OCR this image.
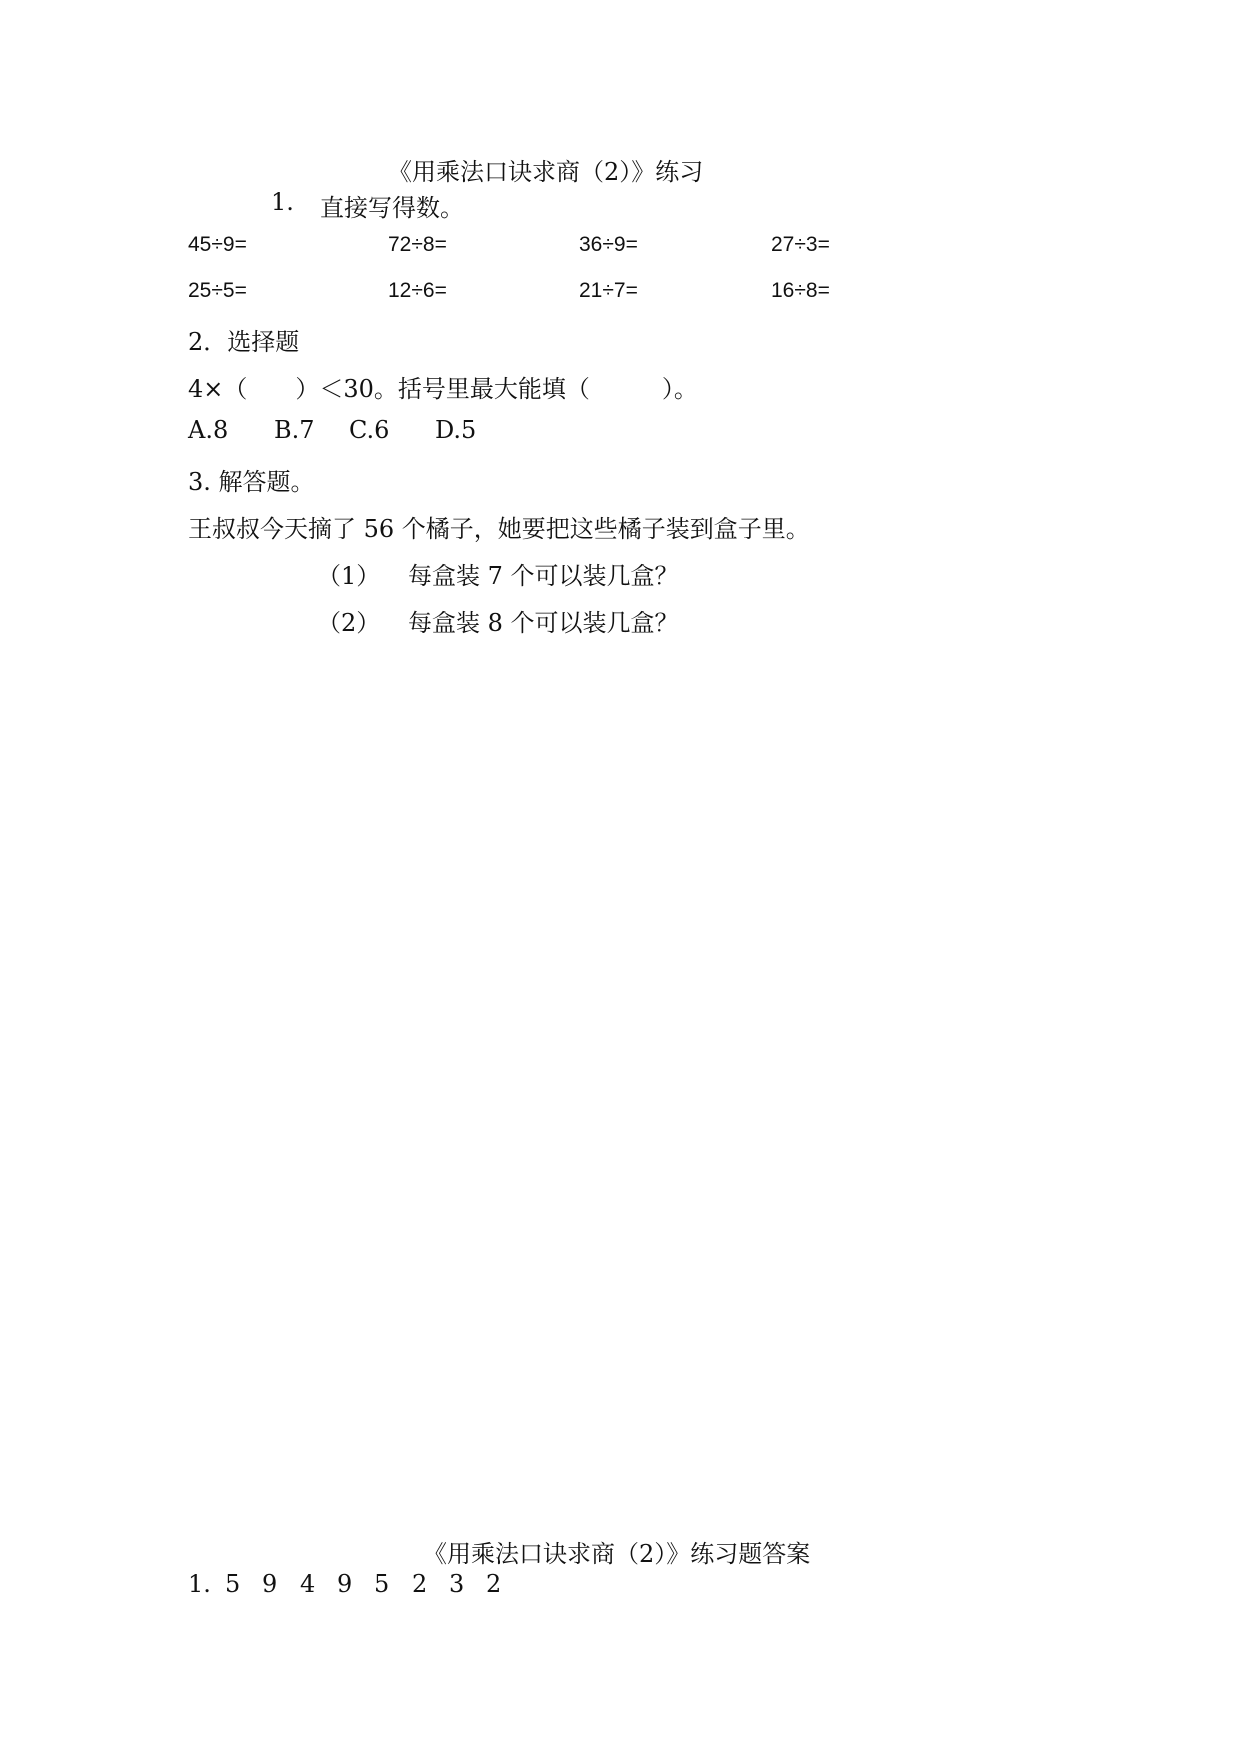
《用乘法口诀求商（2）》练习
1. 直接写得数。
45÷9=	72÷8=	36÷9=	27÷3=
25÷5=	12÷6=	21÷7=	16÷8=
2．选择题
4×（　　）＜30。括号里最大能填（　　　）。
A.8 B.7 C.6 D.5
3. 解答题。
王叔叔今天摘了 56 个橘子，她要把这些橘子装到盒子里。
（1） 每盒装 7 个可以装几盒？
（2） 每盒装 8 个可以装几盒？
《用乘法口诀求商（2）》练习题答案
1. 5 9 4 9 5 2 3 2
